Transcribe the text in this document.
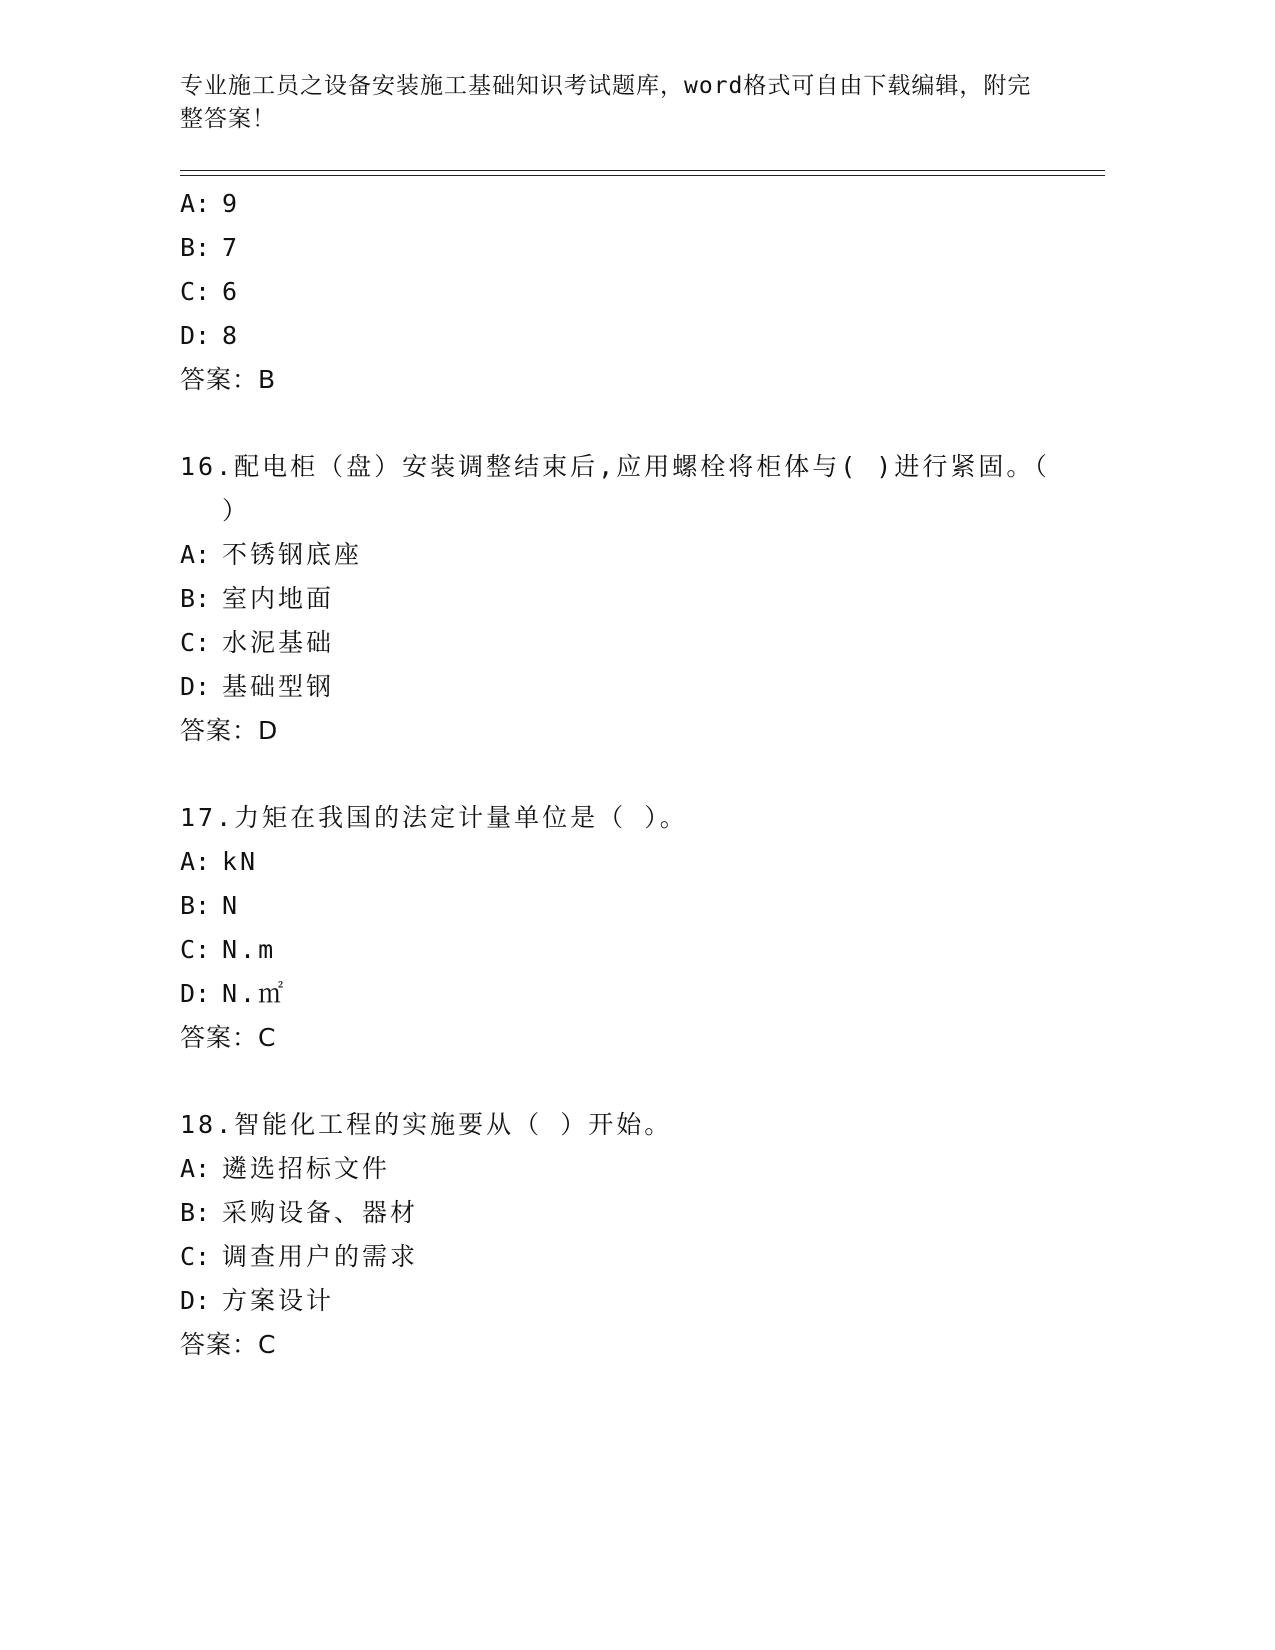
专业施工员之设备安装施工基础知识考试题库，word格式可自由下载编辑，附完
整答案！
A: 9
B: 7
C: 6
D: 8
答案：B
16.配电柜（盘）安装调整结束后,应用螺栓将柜体与( )进行紧固。（
）
A: 不锈钢底座
B: 室内地面
C: 水泥基础
D: 基础型钢
答案：D
17.力矩在我国的法定计量单位是（ ）。
A: kN
B: N
C: N.m
D: N.㎡
答案：C
18.智能化工程的实施要从（ ）开始。
A: 遴选招标文件
B: 采购设备、器材
C: 调查用户的需求
D: 方案设计
答案：C
